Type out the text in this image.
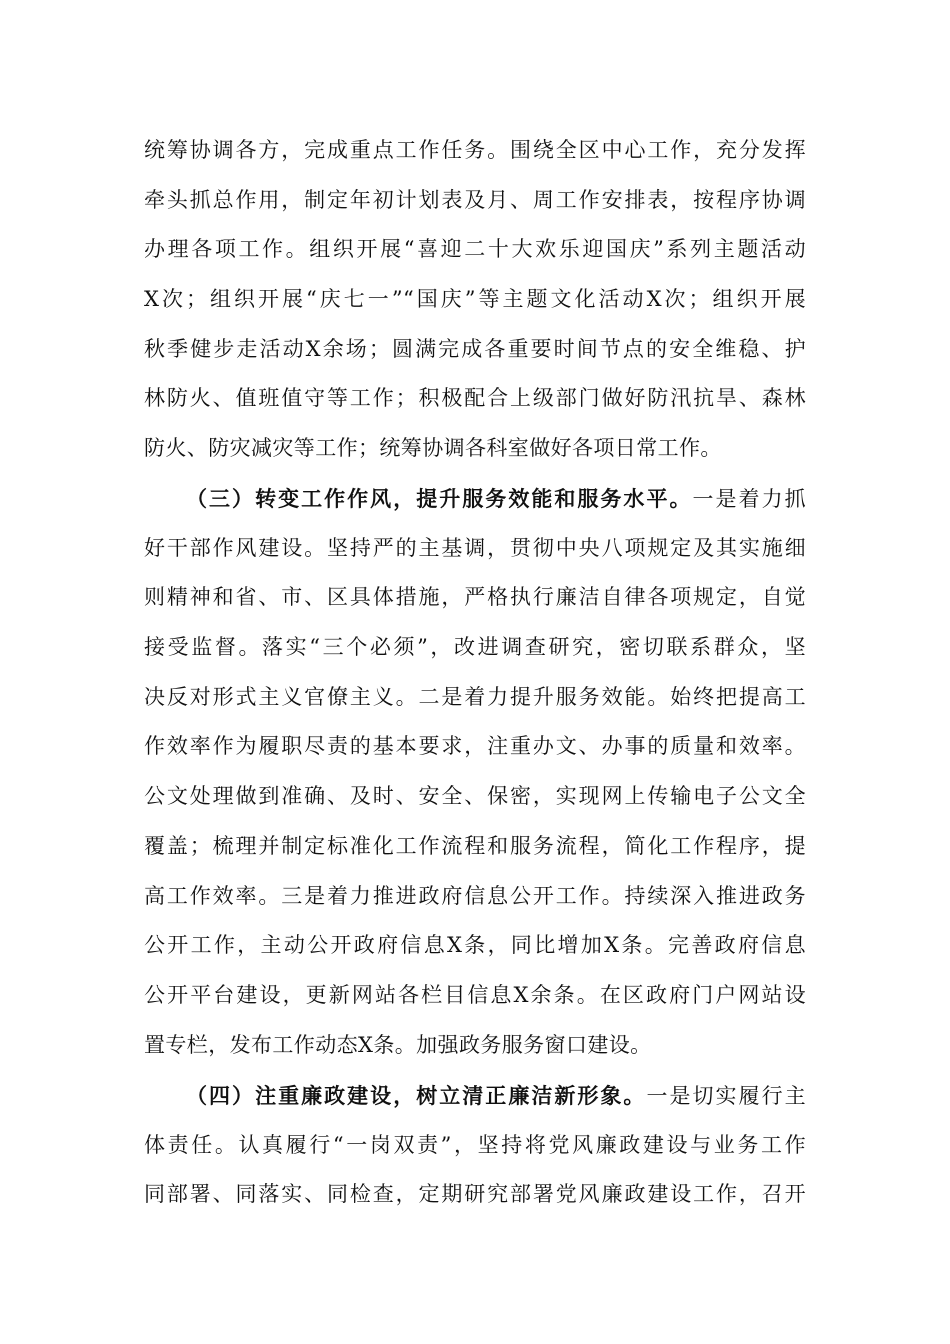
统筹协调各方，完成重点工作任务。围绕全区中心工作，充分发挥
牵头抓总作用，制定年初计划表及月、周工作安排表，按程序协调
办理各项工作。组织开展“喜迎二十大欢乐迎国庆”系列主题活动
X次；组织开展“庆七一”“国庆”等主题文化活动X次；组织开展
秋季健步走活动X余场；圆满完成各重要时间节点的安全维稳、护
林防火、值班值守等工作；积极配合上级部门做好防汛抗旱、森林
防火、防灾减灾等工作；统筹协调各科室做好各项日常工作。
（三）转变工作作风，提升服务效能和服务水平。一是着力抓
好干部作风建设。坚持严的主基调，贯彻中央八项规定及其实施细
则精神和省、市、区具体措施，严格执行廉洁自律各项规定，自觉
接受监督。落实“三个必须”，改进调查研究，密切联系群众，坚
决反对形式主义官僚主义。二是着力提升服务效能。始终把提高工
作效率作为履职尽责的基本要求，注重办文、办事的质量和效率。
公文处理做到准确、及时、安全、保密，实现网上传输电子公文全
覆盖；梳理并制定标准化工作流程和服务流程，简化工作程序，提
高工作效率。三是着力推进政府信息公开工作。持续深入推进政务
公开工作，主动公开政府信息X条，同比增加X条。完善政府信息
公开平台建设，更新网站各栏目信息X余条。在区政府门户网站设
置专栏，发布工作动态X条。加强政务服务窗口建设。
（四）注重廉政建设，树立清正廉洁新形象。一是切实履行主
体责任。认真履行“一岗双责”，坚持将党风廉政建设与业务工作
同部署、同落实、同检查，定期研究部署党风廉政建设工作，召开
